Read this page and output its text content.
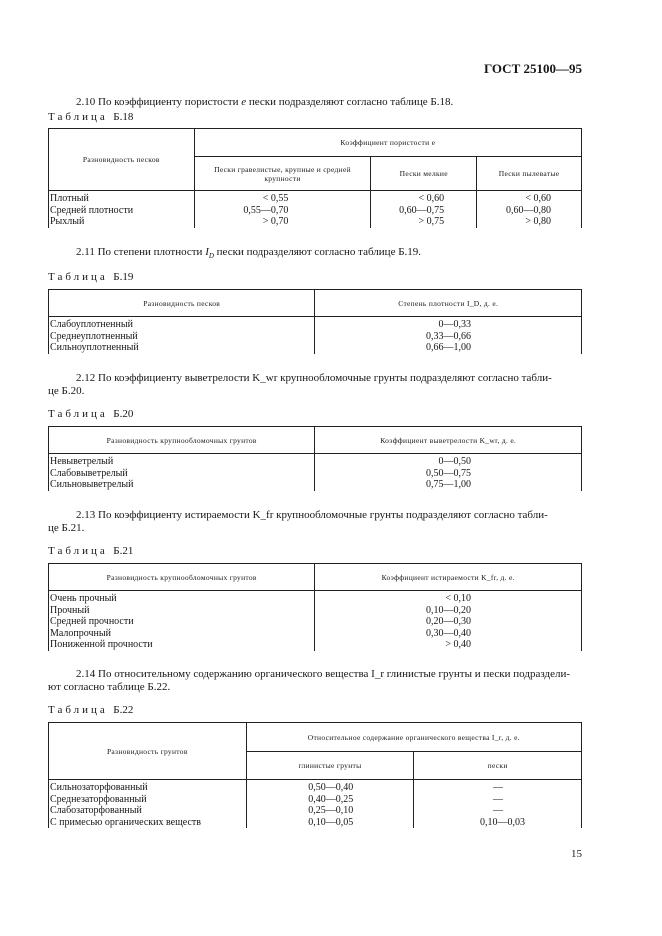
ГОСТ 25100—95
2.10 По коэффициенту пористости e пески подразделяют согласно таблице Б.18.
Таблица Б.18
Разновидность песков	Коэффициент пористости e		
	Пески гравелистые, крупные и средней крупности	Пески мелкие	Пески пылеватые
Плотный	< 0,55	< 0,60	< 0,60
Средней плотности	0,55—0,70	0,60—0,75	0,60—0,80
Рыхлый	> 0,70	> 0,75	> 0,80
2.11 По степени плотности $I_D$ пески подразделяют согласно таблице Б.19.
Таблица Б.19
Разновидность песков	Степень плотности I_D, д. е.
Слабоуплотненный	0—0,33
Среднеуплотненный	0,33—0,66
Сильноуплотненный	0,66—1,00
2.12 По коэффициенту выветрелости K_wr крупнообломочные грунты подразделяют согласно табли-
це Б.20.
Таблица Б.20
Разновидность крупнообломочных грунтов	Коэффициент выветрелости K_wr, д. е.
Невыветрелый	0—0,50
Слабовыветрелый	0,50—0,75
Сильновыветрелый	0,75—1,00
2.13 По коэффициенту истираемости K_fr крупнообломочные грунты подразделяют согласно табли-
це Б.21.
Таблица Б.21
Разновидность крупнообломочных грунтов	Коэффициент истираемости K_fr, д. е.
Очень прочный	< 0,10
Прочный	0,10—0,20
Средней прочности	0,20—0,30
Малопрочный	0,30—0,40
Пониженной прочности	> 0,40
2.14 По относительному содержанию органического вещества I_r глинистые грунты и пески подраздели-
ют согласно таблице Б.22.
Таблица Б.22
Разновидность грунтов	Относительное содержание органического вещества I_r, д. е.	
	глинистые грунты	пески
Сильнозаторфованный	0,50—0,40	—
Среднезаторфованный	0,40—0,25	—
Слабозаторфованный	0,25—0,10	—
С примесью органических веществ	0,10—0,05	0,10—0,03
15
